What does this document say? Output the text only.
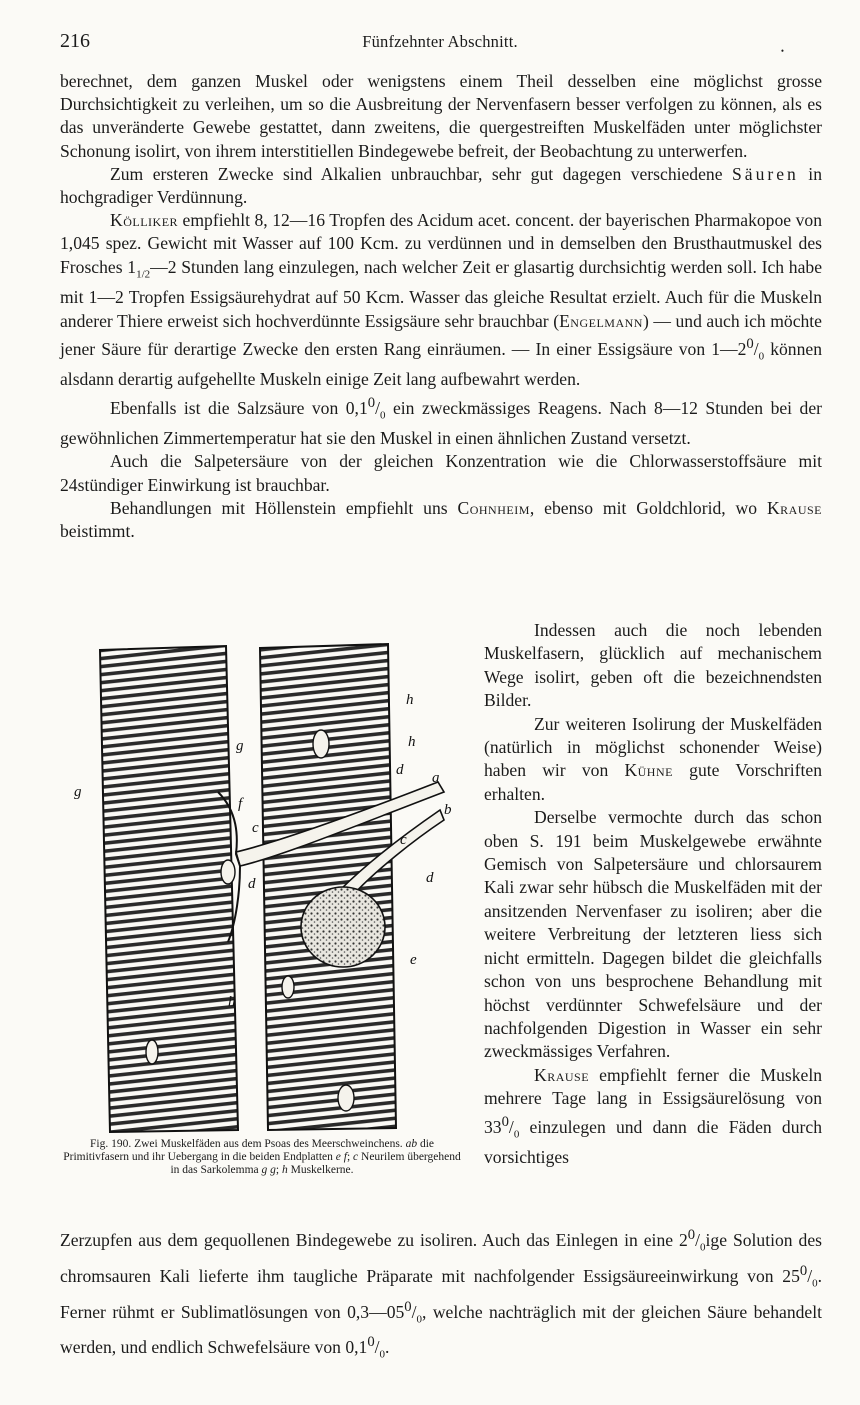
216	Fünfzehnter Abschnitt.	•

berechnet, dem ganzen Muskel oder wenigstens einem Theil desselben eine möglichst grosse Durchsichtigkeit zu verleihen, um so die Ausbreitung der Nervenfasern besser verfolgen zu können, als es das unveränderte Gewebe gestattet, dann zweitens, die quergestreiften Muskelfäden unter möglichster Schonung isolirt, von ihrem interstitiellen Bindegewebe befreit, der Beobachtung zu unterwerfen.

Zum ersteren Zwecke sind Alkalien unbrauchbar, sehr gut dagegen verschiedene Säuren in hochgradiger Verdünnung.

Kölliker empfiehlt 8, 12—16 Tropfen des Acidum acet. concent. der bayerischen Pharmakopoe von 1,045 spez. Gewicht mit Wasser auf 100 Kcm. zu verdünnen und in demselben den Brusthautmuskel des Frosches $1_{1/2}—2$ Stunden lang einzulegen, nach welcher Zeit er glasartig durchsichtig werden soll. Ich habe mit 1—2 Tropfen Essigsäurehydrat auf 50 Kcm. Wasser das gleiche Resultat erzielt. Auch für die Muskeln anderer Thiere erweist sich hochverdünnte Essigsäure sehr brauchbar (Engelmann) — und auch ich möchte jener Säure für derartige Zwecke den ersten Rang einräumen. — In einer Essigsäure von $1—2^0/_0$ können alsdann derartig aufgehellte Muskeln einige Zeit lang aufbewahrt werden.

Ebenfalls ist die Salzsäure von $0,1^0/_0$ ein zweckmässiges Reagens. Nach 8—12 Stunden bei der gewöhnlichen Zimmertemperatur hat sie den Muskel in einen ähnlichen Zustand versetzt.

Auch die Salpetersäure von der gleichen Konzentration wie die Chlorwasserstoffsäure mit 24stündiger Einwirkung ist brauchbar.

Behandlungen mit Höllenstein empfiehlt uns Cohnheim, ebenso mit Goldchlorid, wo Krause beistimmt.

Indessen auch die noch lebenden Muskelfasern, glücklich auf mechanischem Wege isolirt, geben oft die bezeichnendsten Bilder.

Zur weiteren Isolirung der Muskelfäden (natürlich in möglichst schonender Weise) haben wir von Kühne gute Vorschriften erhalten.

Derselbe vermochte durch das schon oben S. 191 beim Muskelgewebe erwähnte Gemisch von Salpetersäure und chlorsaurem Kali zwar sehr hübsch die Muskelfäden mit der ansitzenden Nervenfaser zu isoliren; aber die weitere Verbreitung der letzteren liess sich nicht ermitteln. Dagegen bildet die gleichfalls schon von uns besprochene Behandlung mit höchst verdünnter Schwefelsäure und der nachfolgenden Digestion in Wasser ein sehr zweckmässiges Verfahren.

Krause empfiehlt ferner die Muskeln mehrere Tage lang in Essigsäurelösung von $33^0/_0$ einzulegen und dann die Fäden durch vorsichtiges

h
g	h
d a
g
f	b
c
c
d	d
e
h
Fig. 190. Zwei Muskelfäden aus dem Psoas des Meerschweinchens. ab die Primitivfasern und ihr Uebergang in die beiden Endplatten e f; c Neurilem übergehend in das Sarkolemma g g; h Muskelkerne.

Zerzupfen aus dem gequollenen Bindegewebe zu isoliren. Auch das Einlegen in eine $2^0/_0ige$ Solution des chromsauren Kali lieferte ihm taugliche Präparate mit nachfolgender Essigsäureeinwirkung von $25^0/_0$. Ferner rühmt er Sublimatlösungen von $0,3—05^0/_0$, welche nachträglich mit der gleichen Säure behandelt werden, und endlich Schwefelsäure von $0,1^0/_0$.
